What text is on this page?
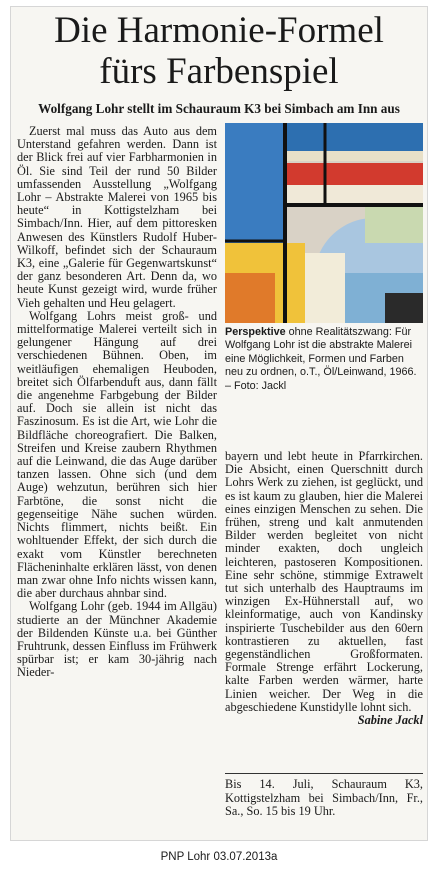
Die Harmonie-Formel
fürs Farbenspiel
Wolfgang Lohr stellt im Schauraum K3 bei Simbach am Inn aus

Zuerst mal muss das Auto aus dem Unterstand gefahren werden. Dann ist der Blick frei auf vier Farbharmonien in Öl. Sie sind Teil der rund 50 Bilder umfassenden Ausstellung „Wolfgang Lohr – Abstrakte Malerei von 1965 bis heute“ in Kottigstelzham bei Simbach/Inn. Hier, auf dem pittoresken Anwesen des Künstlers Rudolf Huber-Wilkoff, befindet sich der Schauraum K3, eine „Galerie für Gegenwartskunst“ der ganz besonderen Art. Denn da, wo heute Kunst gezeigt wird, wurde früher Vieh gehalten und Heu gelagert.

Wolfgang Lohrs meist groß- und mittelformatige Malerei verteilt sich in gelungener Hängung auf drei verschiedenen Bühnen. Oben, im weitläufigen ehemaligen Heuboden, breitet sich Ölfarbenduft aus, dann fällt die angenehme Farbgebung der Bilder auf. Doch sie allein ist nicht das Faszinosum. Es ist die Art, wie Lohr die Bildfläche choreografiert. Die Balken, Streifen und Kreise zaubern Rhythmen auf die Leinwand, die das Auge darüber tanzen lassen. Ohne sich (und dem Auge) wehzutun, berühren sich hier Farbtöne, die sonst nicht die gegenseitige Nähe suchen würden. Nichts flimmert, nichts beißt. Ein wohltuender Effekt, der sich durch die exakt vom Künstler berechneten Flächeninhalte erklären lässt, von denen man zwar ohne Info nichts wissen kann, die aber durchaus ahnbar sind.

Wolfgang Lohr (geb. 1944 im Allgäu) studierte an der Münchner Akademie der Bildenden Künste u.a. bei Günther Fruhtrunk, dessen Einfluss im Frühwerk spürbar ist; er kam 30-jährig nach Nieder-

Perspektive ohne Realitätszwang: Für Wolfgang Lohr ist die abstrakte Malerei eine Möglichkeit, Formen und Farben neu zu ordnen, o.T., Öl/Leinwand, 1966. – Foto: Jackl

bayern und lebt heute in Pfarrkirchen. Die Absicht, einen Querschnitt durch Lohrs Werk zu ziehen, ist geglückt, und es ist kaum zu glauben, hier die Malerei eines einzigen Menschen zu sehen. Die frühen, streng und kalt anmutenden Bilder werden begleitet von nicht minder exakten, doch ungleich leichteren, pastoseren Kompositionen. Eine sehr schöne, stimmige Extrawelt tut sich unterhalb des Hauptraums im winzigen Ex-Hühnerstall auf, wo kleinformatige, auch von Kandinsky inspirierte Tuschebilder aus den 60ern kontrastieren zu aktuellen, fast gegenständlichen Großformaten. Formale Strenge erfährt Lockerung, kalte Farben werden wärmer, harte Linien weicher. Der Weg in die abgeschiedene Kunstidylle lohnt sich.
Sabine Jackl

Bis 14. Juli, Schauraum K3, Kottigstelzham bei Simbach/Inn, Fr., Sa., So. 15 bis 19 Uhr.
PNP Lohr 03.07.2013a
